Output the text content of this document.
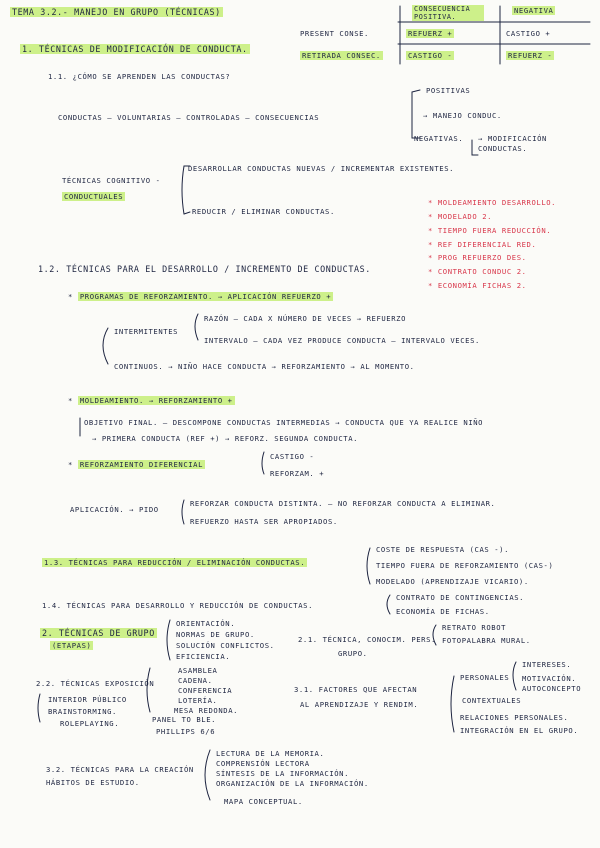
TEMA 3.2.- MANEJO EN GRUPO (TÉCNICAS)	CONSECUENCIA POSITIVA.
NEGATIVA
PRESENT CONSE.	REFUERZ +	CASTIGO +
RETIRADA CONSEC.	CASTIGO -	REFUERZ -
1. TÉCNICAS DE MODIFICACIÓN DE CONDUCTA.
1.1. ¿CÓMO SE APRENDEN LAS CONDUCTAS?
CONDUCTAS — VOLUNTARIAS — CONTROLADAS — CONSECUENCIAS
POSITIVAS
→ MANEJO CONDUC.
NEGATIVAS. → MODIFICACIÓN CONDUCTAS.
TÉCNICAS COGNITIVO -
CONDUCTUALES
DESARROLLAR CONDUCTAS NUEVAS / INCREMENTAR EXISTENTES.
REDUCIR / ELIMINAR CONDUCTAS.
* MOLDEAMIENTO DESARROLLO.
* MODELADO 2.
* TIEMPO FUERA REDUCCIÓN.
* REF DIFERENCIAL RED.
* PROG REFUERZO DES.
* CONTRATO CONDUC 2.
* ECONOMÍA FICHAS 2.
1.2. TÉCNICAS PARA EL DESARROLLO / INCREMENTO DE CONDUCTAS.
* PROGRAMAS DE REFORZAMIENTO. → APLICACIÓN REFUERZO +
INTERMITENTES
RAZÓN — CADA X NÚMERO DE VECES → REFUERZO
INTERVALO — CADA VEZ PRODUCE CONDUCTA — INTERVALO VECES.
CONTINUOS. → NIÑO HACE CONDUCTA → REFORZAMIENTO → AL MOMENTO.
* MOLDEAMIENTO. → REFORZAMIENTO +
OBJETIVO FINAL. — DESCOMPONE CONDUCTAS INTERMEDIAS → CONDUCTA QUE YA REALICE NIÑO
→ PRIMERA CONDUCTA (REF +) → REFORZ. SEGUNDA CONDUCTA.
* REFORZAMIENTO DIFERENCIAL
CASTIGO -
REFORZAM. +
APLICACIÓN. → PIDO
REFORZAR CONDUCTA DISTINTA. — NO REFORZAR CONDUCTA A ELIMINAR.
REFUERZO HASTA SER APROPIADOS.
1.3. TÉCNICAS PARA REDUCCIÓN / ELIMINACIÓN CONDUCTAS.
COSTE DE RESPUESTA (CAS -).
TIEMPO FUERA DE REFORZAMIENTO (CAS-)
MODELADO (APRENDIZAJE VICARIO).
1.4. TÉCNICAS PARA DESARROLLO Y REDUCCIÓN DE CONDUCTAS.
CONTRATO DE CONTINGENCIAS.
ECONOMÍA DE FICHAS.
2. TÉCNICAS DE GRUPO
(ETAPAS)
ORIENTACIÓN.
NORMAS DE GRUPO.
SOLUCIÓN CONFLICTOS.
EFICIENCIA.
2.1. TÉCNICA, CONOCIM. PERS.
GRUPO.
RETRATO ROBOT
FOTOPALABRA MURAL.
2.2. TÉCNICAS EXPOSICIÓN
INTERIOR PÚBLICO
BRAINSTORMING.
ROLEPLAYING.
ASAMBLEA
CADENA.
CONFERENCIA
LOTERÍA.
MESA REDONDA.
PANEL TO BLE.
PHILLIPS 6/6
3.1. FACTORES QUE AFECTAN
AL APRENDIZAJE Y RENDIM.
PERSONALES
INTERESES.
MOTIVACIÓN.
AUTOCONCEPTO
CONTEXTUALES
RELACIONES PERSONALES.
INTEGRACIÓN EN EL GRUPO.
3.2. TÉCNICAS PARA LA CREACIÓN
HÁBITOS DE ESTUDIO.
LECTURA DE LA MEMORIA.
COMPRENSIÓN LECTORA
SÍNTESIS DE LA INFORMACIÓN.
ORGANIZACIÓN DE LA INFORMACIÓN.
MAPA CONCEPTUAL.
